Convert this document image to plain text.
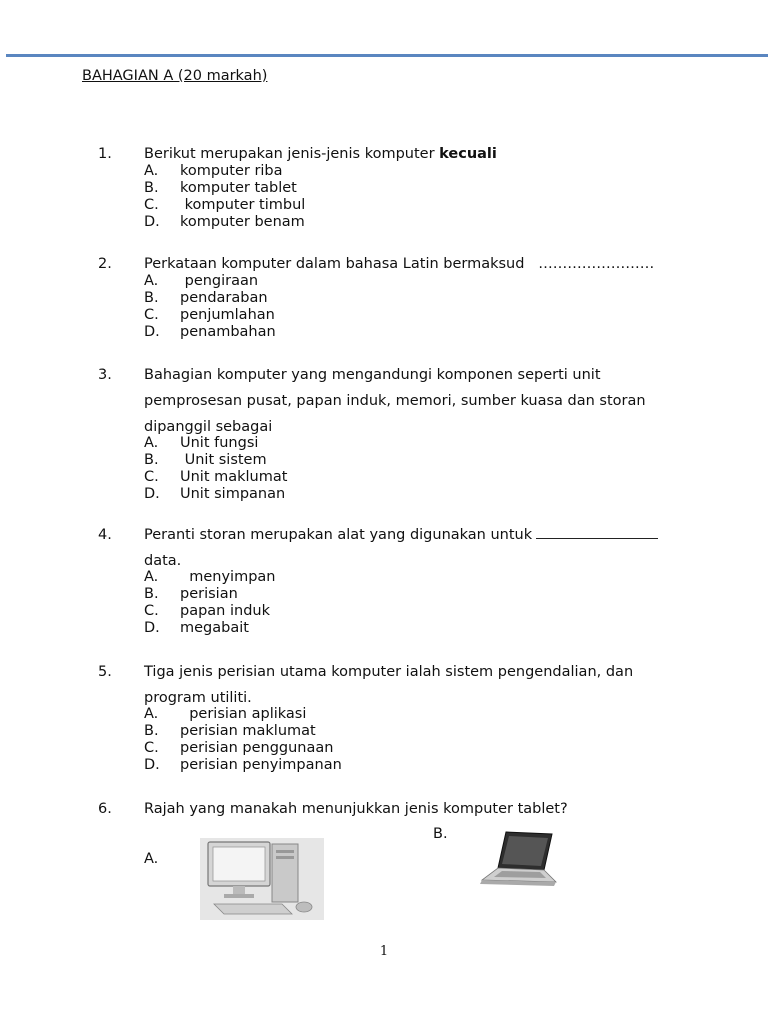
BAHAGIAN A (20 markah)
1.	Berikut merupakan jenis-jenis komputer kecuali
A.	komputer riba
B.	komputer tablet
C.	komputer timbul
D.	komputer benam
2.	Perkataan komputer dalam bahasa Latin bermaksud ……………………
A.	pengiraan
B.	pendaraban
C.	penjumlahan
D.	penambahan
3.	Bahagian komputer yang mengandungi komponen seperti unit
pemprosesan pusat, papan induk, memori, sumber kuasa dan storan
dipanggil sebagai
A.	Unit fungsi
B.	Unit sistem
C.	Unit maklumat
D.	Unit simpanan
4.	Peranti storan merupakan alat yang digunakan untuk
data.
A.	menyimpan
B.	perisian
C.	papan induk
D.	megabait
5.	Tiga jenis perisian utama komputer ialah sistem pengendalian, dan
program utiliti.
A.	perisian aplikasi
B.	perisian maklumat
C.	perisian penggunaan
D.	perisian penyimpanan
6.	Rajah yang manakah menunjukkan jenis komputer tablet?
B.
A.
1
